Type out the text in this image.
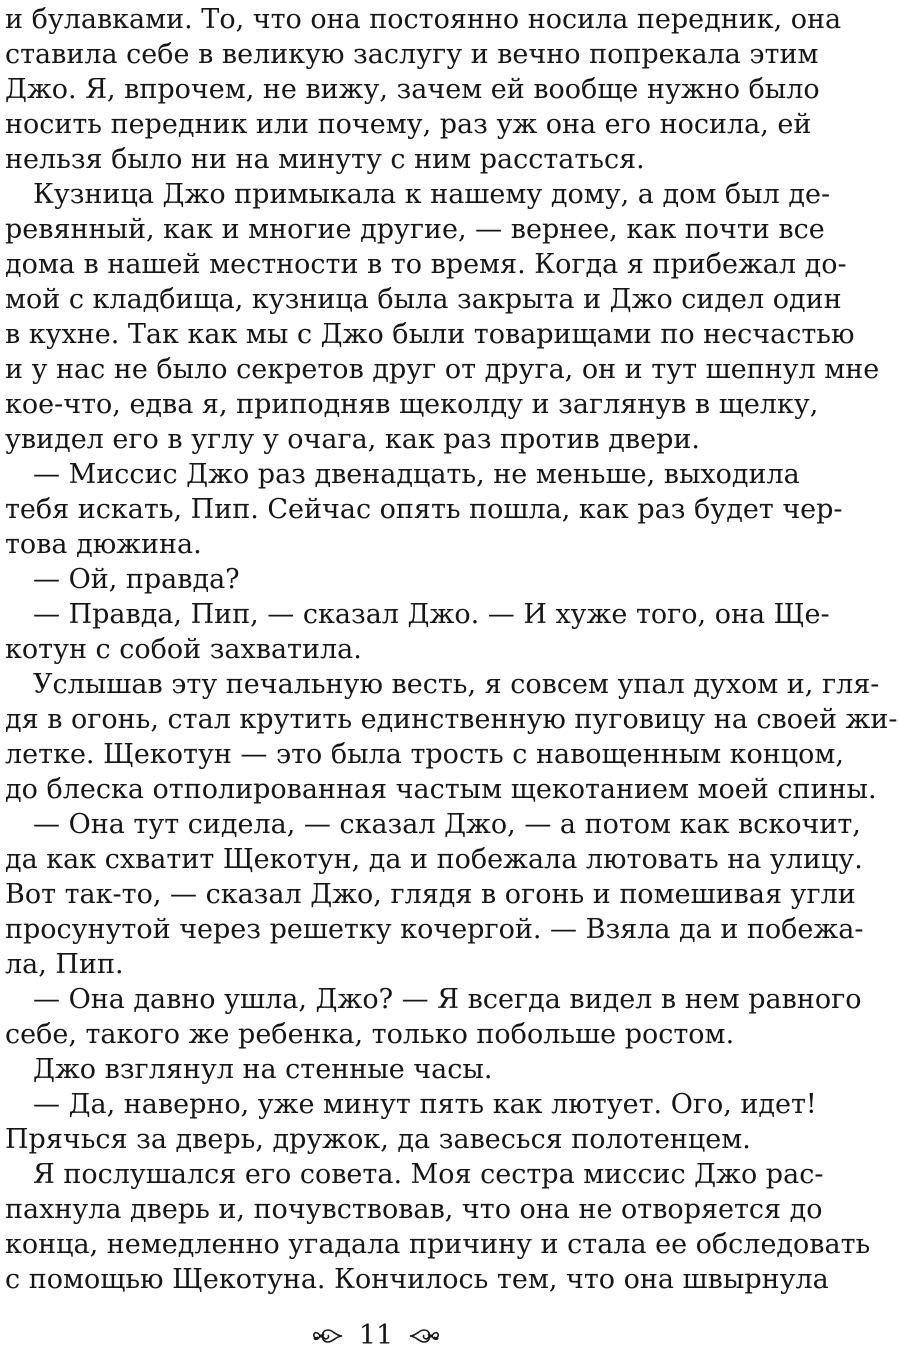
и булавками. То, что она постоянно носила передник, она
ставила себе в великую заслугу и вечно попрекала этим
Джо. Я, впрочем, не вижу, зачем ей вообще нужно было
носить передник или почему, раз уж она его носила, ей
нельзя было ни на минуту с ним расстаться.
Кузница Джо примыкала к нашему дому, а дом был де-
ревянный, как и многие другие, — вернее, как почти все
дома в нашей местности в то время. Когда я прибежал до-
мой с кладбища, кузница была закрыта и Джо сидел один
в кухне. Так как мы с Джо были товарищами по несчастью
и у нас не было секретов друг от друга, он и тут шепнул мне
кое-что, едва я, приподняв щеколду и заглянув в щелку,
увидел его в углу у очага, как раз против двери.
— Миссис Джо раз двенадцать, не меньше, выходила
тебя искать, Пип. Сейчас опять пошла, как раз будет чер-
това дюжина.
— Ой, правда?
— Правда, Пип, — сказал Джо. — И хуже того, она Ще-
котун с собой захватила.
Услышав эту печальную весть, я совсем упал духом и, гля-
дя в огонь, стал крутить единственную пуговицу на своей жи-
летке. Щекотун — это была трость с навощенным концом,
до блеска отполированная частым щекотанием моей спины.
— Она тут сидела, — сказал Джо, — а потом как вскочит,
да как схватит Щекотун, да и побежала лютовать на улицу.
Вот так-то, — сказал Джо, глядя в огонь и помешивая угли
просунутой через решетку кочергой. — Взяла да и побежа-
ла, Пип.
— Она давно ушла, Джо? — Я всегда видел в нем равного
себе, такого же ребенка, только побольше ростом.
Джо взглянул на стенные часы.
— Да, наверно, уже минут пять как лютует. Ого, идет!
Прячься за дверь, дружок, да завесься полотенцем.
Я послушался его совета. Моя сестра миссис Джо рас-
пахнула дверь и, почувствовав, что она не отворяется до
конца, немедленно угадала причину и стала ее обследовать
с помощью Щекотуна. Кончилось тем, что она швырнула
11
